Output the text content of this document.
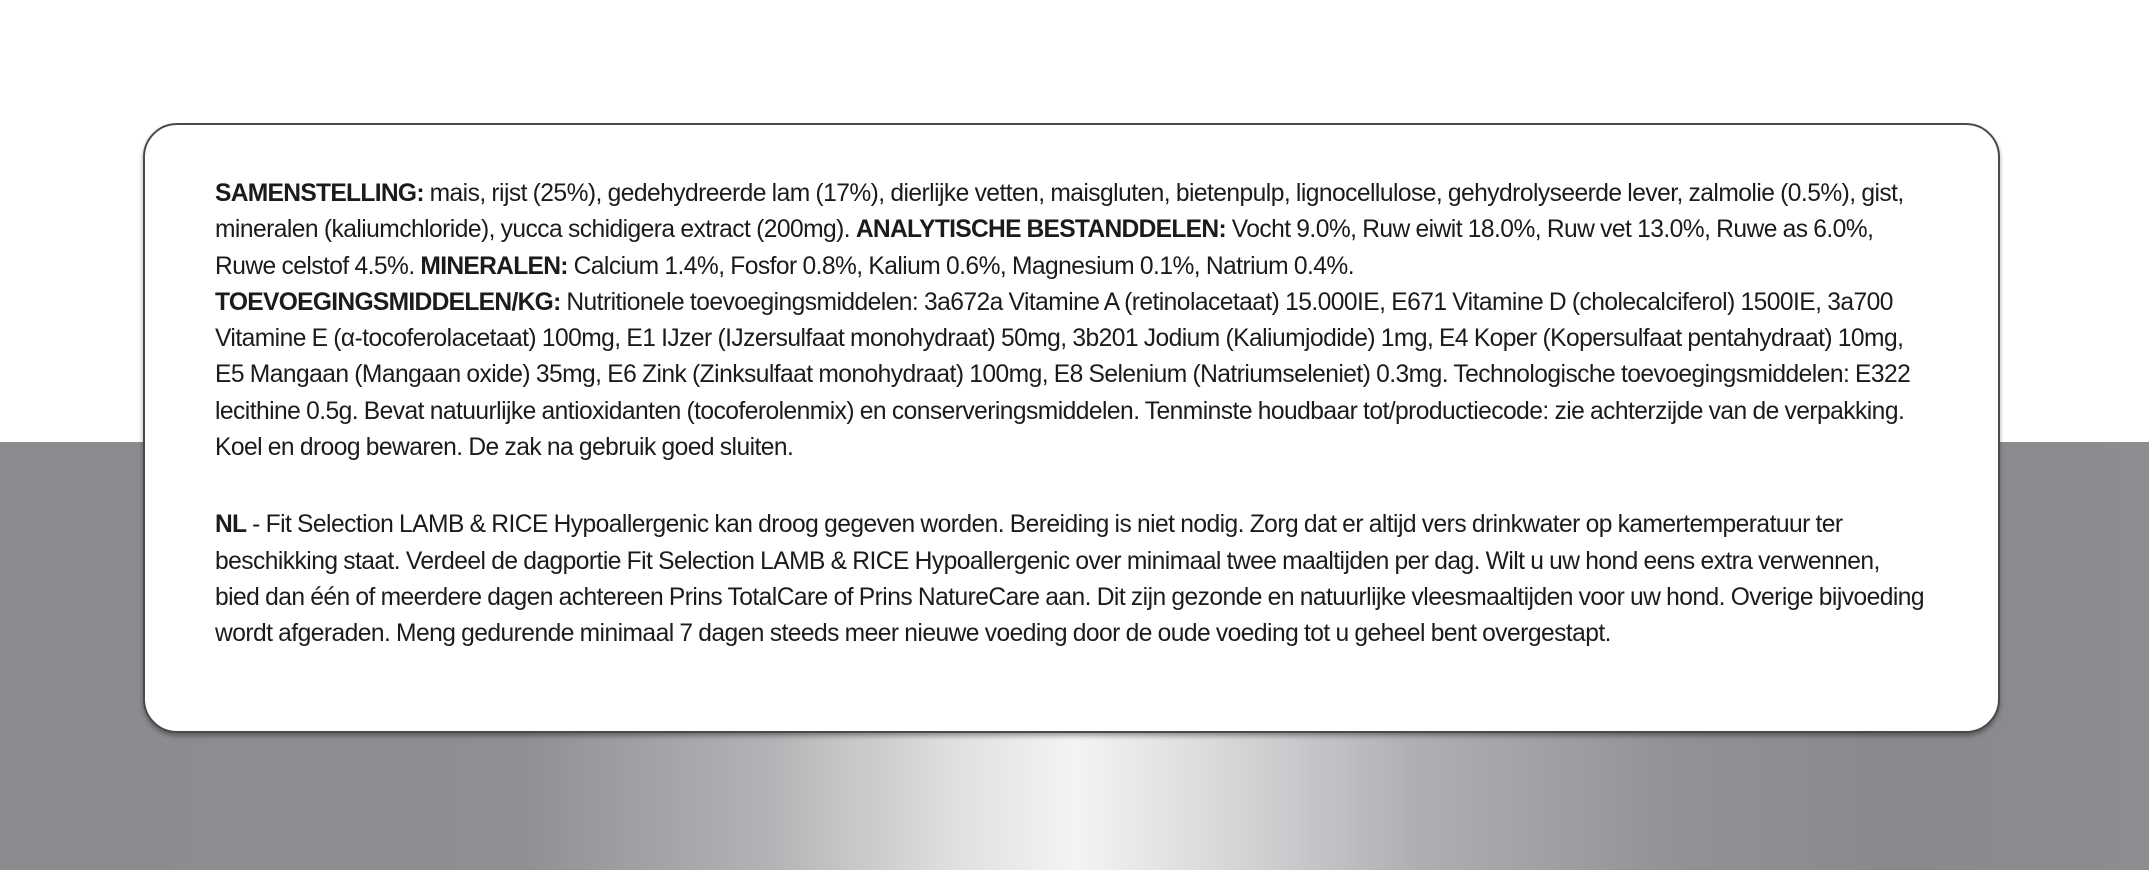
SAMENSTELLING: mais, rijst (25%), gedehydreerde lam (17%), dierlijke vetten, maisgluten, bietenpulp, lignocellulose, gehydrolyseerde lever, zalmolie (0.5%), gist, mineralen (kaliumchloride), yucca schidigera extract (200mg). ANALYTISCHE BESTANDDELEN: Vocht 9.0%, Ruw eiwit 18.0%, Ruw vet 13.0%, Ruwe as 6.0%, Ruwe celstof 4.5%. MINERALEN: Calcium 1.4%, Fosfor 0.8%, Kalium 0.6%, Magnesium 0.1%, Natrium 0.4%.
TOEVOEGINGSMIDDELEN/KG: Nutritionele toevoegingsmiddelen: 3a672a Vitamine A (retinolacetaat) 15.000IE, E671 Vitamine D (cholecalciferol) 1500IE, 3a700 Vitamine E (α-tocoferolacetaat) 100mg, E1 IJzer (IJzersulfaat monohydraat) 50mg, 3b201 Jodium (Kaliumjodide) 1mg, E4 Koper (Kopersulfaat pentahydraat) 10mg, E5 Mangaan (Mangaan oxide) 35mg, E6 Zink (Zinksulfaat monohydraat) 100mg, E8 Selenium (Natriumseleniet) 0.3mg. Technologische toevoegingsmiddelen: E322 lecithine 0.5g. Bevat natuurlijke antioxidanten (tocoferolenmix) en conserveringsmiddelen. Tenminste houdbaar tot/productiecode: zie achterzijde van de verpakking. Koel en droog bewaren. De zak na gebruik goed sluiten.

NL - Fit Selection LAMB & RICE Hypoallergenic kan droog gegeven worden. Bereiding is niet nodig. Zorg dat er altijd vers drinkwater op kamertemperatuur ter beschikking staat. Verdeel de dagportie Fit Selection LAMB & RICE Hypoallergenic over minimaal twee maaltijden per dag. Wilt u uw hond eens extra verwennen, bied dan één of meerdere dagen achtereen Prins TotalCare of Prins NatureCare aan. Dit zijn gezonde en natuurlijke vleesmaaltijden voor uw hond. Overige bijvoeding wordt afgeraden. Meng gedurende minimaal 7 dagen steeds meer nieuwe voeding door de oude voeding tot u geheel bent overgestapt.
